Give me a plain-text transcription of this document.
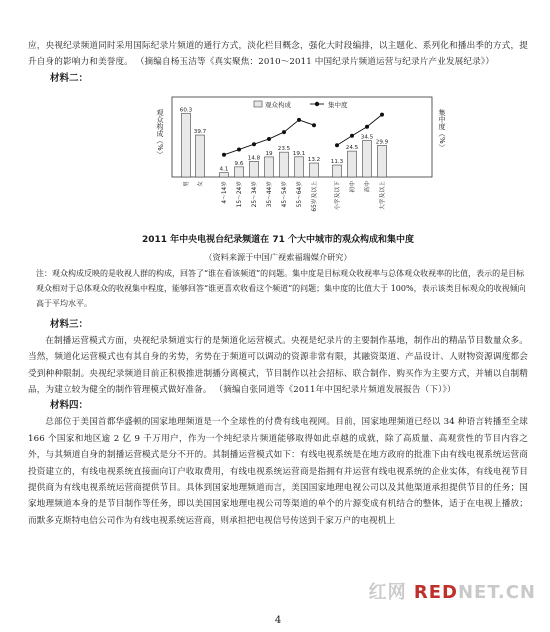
应，央视纪录频道同时采用国际纪录片频道的通行方式，淡化栏目概念，强化大时段编排，以主题化、系列化和播出季的方式，提升自身的影响力和美誉度。 （摘编自杨玉洁等《真实聚焦：2010～2011 中国纪录片频道运营与纪录片产业发展纪录》）

材料二：

观众构成（%）	集中度（%）
观众构成	集中度
60.3
男
39.7
女
4.1
4～14岁
9.6
15～24岁
14.8
25～34岁
19
35～44岁
23.5
45～54岁
19.1
55～64岁
13.2
65岁及以上
11.3
小学及以下
24.5
初中
34.5
高中
29.9
大学及以上

2011 年中央电视台纪录频道在 71 个大中城市的观众构成和集中度

（资料来源于中国广视索福瑞媒介研究）

注：观众构成反映的是收视人群的构成，回答了“谁在看该频道”的问题。集中度是目标观众收视率与总体观众收视率的比值，表示的是目标观众相对于总体观众的收视集中程度，能够回答“谁更喜欢收看这个频道”的问题；集中度的比值大于 100%，表示该类目标观众的收视倾向高于平均水平。

材料三：

在制播运营模式方面，央视纪录频道实行的是频道化运营模式。央视是纪录片的主要制作基地，制作出的精品节目数量众多。当然，频道化运营模式也有其自身的劣势，劣势在于频道可以调动的资源非常有限，其融资渠道、产品设计、人财物资源调度都会受到种种限制。央视纪录频道目前正积极推进制播分离模式，节目制作以社会招标、联合制作、购买作为主要方式，并辅以自制精品，为建立较为健全的制作管理模式做好准备。 （摘编自张同道等《2011年中国纪录片频道发展报告（下）》）

材料四：

总部位于美国首都华盛顿的国家地理频道是一个全球性的付费有线电视网。目前，国家地理频道已经以 34 种语言转播至全球 166 个国家和地区逾 2 亿 9 千万用户，作为一个纯纪录片频道能够取得如此卓越的成就，除了高质量、高观赏性的节目内容之外，与其频道自身的制播运营模式是分不开的。其制播运营模式如下：有线电视系统是在地方政府的批准下由有线电视系统运营商投资建立的，有线电视系统直接面向订户收取费用，有线电视系统运营商是指拥有并运营有线电视系统的企业实体，有线电视节目提供商为有线电视系统运营商提供节目。具体到国家地理频道而言，美国国家地理电视公司以及其他渠道承担提供节目的任务；国家地理频道本身的是节目制作等任务，即以美国国家地理电视公司等渠道的单个的片源变成有机结合的整体，适于在电视上播放；而默多克斯特电信公司作为有线电视系统运营商，则承担把电视信号传送到千家万户的电视机上

4
红网 REDNET.CN
